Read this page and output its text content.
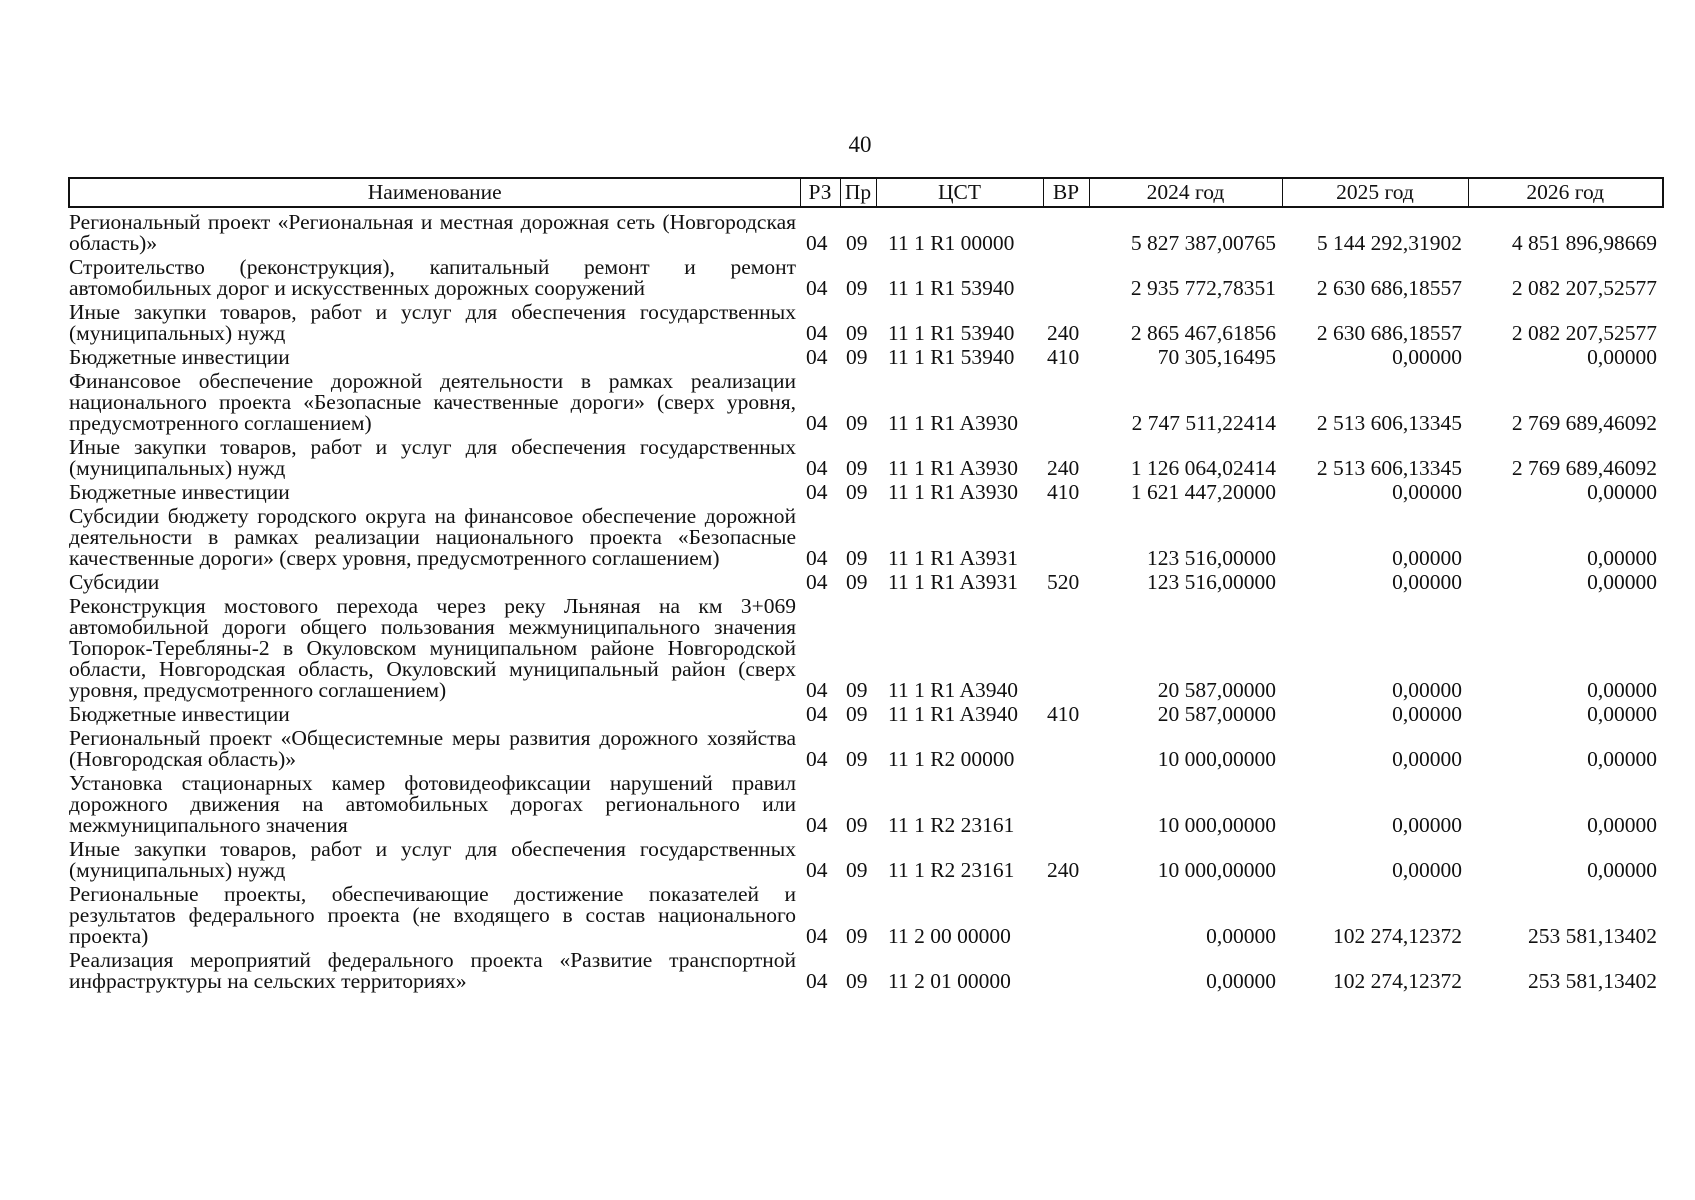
40
Наименование	РЗ	Пр	ЦСТ	ВР	2024 год	2025 год	2026 год
Региональный проект «Региональная и местная дорожная сеть (Новгородская область)»	04	09	11 1 R1 00000		5 827 387,00765	5 144 292,31902	4 851 896,98669
Строительство (реконструкция), капитальный ремонт и ремонт автомобильных дорог и искусственных дорожных сооружений	04	09	11 1 R1 53940		2 935 772,78351	2 630 686,18557	2 082 207,52577
Иные закупки товаров, работ и услуг для обеспечения государственных (муниципальных) нужд	04	09	11 1 R1 53940	240	2 865 467,61856	2 630 686,18557	2 082 207,52577
Бюджетные инвестиции	04	09	11 1 R1 53940	410	70 305,16495	0,00000	0,00000
Финансовое обеспечение дорожной деятельности в рамках реализации национального проекта «Безопасные качественные дороги» (сверх уровня, предусмотренного соглашением)	04	09	11 1 R1 A3930		2 747 511,22414	2 513 606,13345	2 769 689,46092
Иные закупки товаров, работ и услуг для обеспечения государственных (муниципальных) нужд	04	09	11 1 R1 A3930	240	1 126 064,02414	2 513 606,13345	2 769 689,46092
Бюджетные инвестиции	04	09	11 1 R1 A3930	410	1 621 447,20000	0,00000	0,00000
Субсидии бюджету городского округа на финансовое обеспечение дорожной деятельности в рамках реализации национального проекта «Безопасные качественные дороги» (сверх уровня, предусмотренного соглашением)	04	09	11 1 R1 A3931		123 516,00000	0,00000	0,00000
Субсидии	04	09	11 1 R1 A3931	520	123 516,00000	0,00000	0,00000
Реконструкция мостового перехода через реку Льняная на км 3+069 автомобильной дороги общего пользования межмуниципального значения Топорок-Теребляны-2 в Окуловском муниципальном районе Новгородской области, Новгородская область, Окуловский муниципальный район (сверх уровня, предусмотренного соглашением)	04	09	11 1 R1 A3940		20 587,00000	0,00000	0,00000
Бюджетные инвестиции	04	09	11 1 R1 A3940	410	20 587,00000	0,00000	0,00000
Региональный проект «Общесистемные меры развития дорожного хозяйства (Новгородская область)»	04	09	11 1 R2 00000		10 000,00000	0,00000	0,00000
Установка стационарных камер фотовидеофиксации нарушений правил дорожного движения на автомобильных дорогах регионального или межмуниципального значения	04	09	11 1 R2 23161		10 000,00000	0,00000	0,00000
Иные закупки товаров, работ и услуг для обеспечения государственных (муниципальных) нужд	04	09	11 1 R2 23161	240	10 000,00000	0,00000	0,00000
Региональные проекты, обеспечивающие достижение показателей и результатов федерального проекта (не входящего в состав национального проекта)	04	09	11 2 00 00000		0,00000	102 274,12372	253 581,13402
Реализация мероприятий федерального проекта «Развитие транспортной инфраструктуры на сельских территориях»	04	09	11 2 01 00000		0,00000	102 274,12372	253 581,13402
